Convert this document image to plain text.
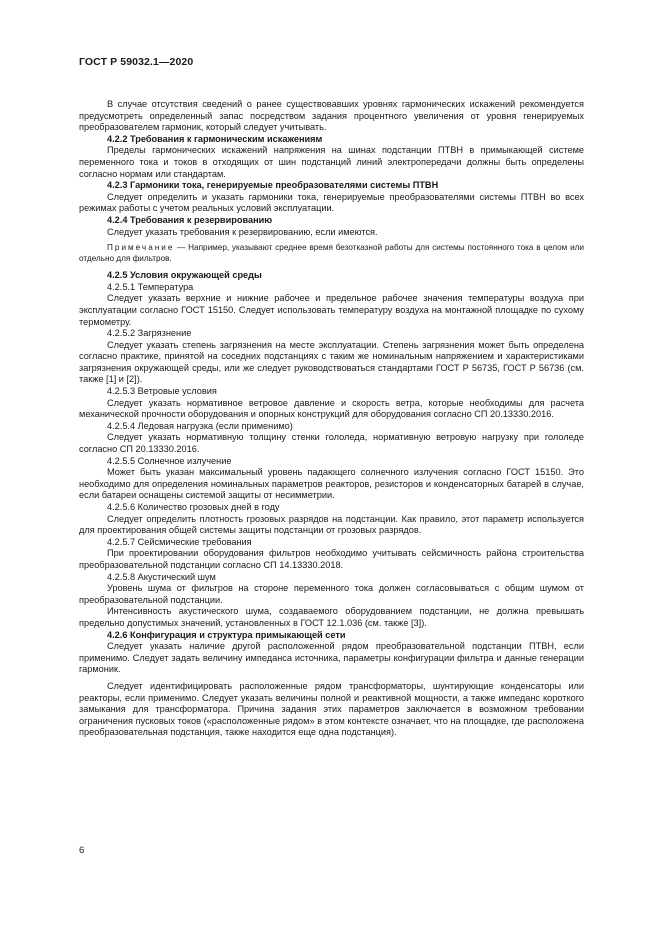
ГОСТ Р 59032.1—2020

В случае отсутствия сведений о ранее существовавших уровнях гармонических искажений рекомендуется предусмотреть определенный запас посредством задания процентного увеличения от уровня генерируемых преобразователем гармоник, который следует учитывать.

4.2.2 Требования к гармоническим искажениям

Пределы гармонических искажений напряжения на шинах подстанции ПТВН в примыкающей системе переменного тока и токов в отходящих от шин подстанций линий электропередачи должны быть определены согласно нормам или стандартам.

4.2.3 Гармоники тока, генерируемые преобразователями системы ПТВН

Следует определить и указать гармоники тока, генерируемые преобразователями системы ПТВН во всех режимах работы с учетом реальных условий эксплуатации.

4.2.4 Требования к резервированию

Следует указать требования к резервированию, если имеются.

Примечание — Например, указывают среднее время безотказной работы для системы постоянного тока в целом или отдельно для фильтров.

4.2.5 Условия окружающей среды

4.2.5.1 Температура

Следует указать верхние и нижние рабочее и предельное рабочее значения температуры воздуха при эксплуатации согласно ГОСТ 15150. Следует использовать температуру воздуха на монтажной площадке по сухому термометру.

4.2.5.2 Загрязнение

Следует указать степень загрязнения на месте эксплуатации. Степень загрязнения может быть определена согласно практике, принятой на соседних подстанциях с таким же номинальным напряжением и характеристиками загрязнения окружающей среды, или же следует руководствоваться стандартами ГОСТ Р 56735, ГОСТ Р 56736 (см. также [1] и [2]).

4.2.5.3 Ветровые условия

Следует указать нормативное ветровое давление и скорость ветра, которые необходимы для расчета механической прочности оборудования и опорных конструкций для оборудования согласно СП 20.13330.2016.

4.2.5.4 Ледовая нагрузка (если применимо)

Следует указать нормативную толщину стенки гололеда, нормативную ветровую нагрузку при гололеде согласно СП 20.13330.2016.

4.2.5.5 Солнечное излучение

Может быть указан максимальный уровень падающего солнечного излучения согласно ГОСТ 15150. Это необходимо для определения номинальных параметров реакторов, резисторов и конденсаторных батарей в случае, если батареи оснащены системой защиты от несимметрии.

4.2.5.6 Количество грозовых дней в году

Следует определить плотность грозовых разрядов на подстанции. Как правило, этот параметр используется для проектирования общей системы защиты подстанции от грозовых разрядов.

4.2.5.7 Сейсмические требования

При проектировании оборудования фильтров необходимо учитывать сейсмичность района строительства преобразовательной подстанции согласно СП 14.13330.2018.

4.2.5.8 Акустический шум

Уровень шума от фильтров на стороне переменного тока должен согласовываться с общим шумом от преобразовательной подстанции.

Интенсивность акустического шума, создаваемого оборудованием подстанции, не должна превышать предельно допустимых значений, установленных в ГОСТ 12.1.036 (см. также [3]).

4.2.6 Конфигурация и структура примыкающей сети

Следует указать наличие другой расположенной рядом преобразовательной подстанции ПТВН, если применимо. Следует задать величину импеданса источника, параметры конфигурации фильтра и данные генерации гармоник.

Следует идентифицировать расположенные рядом трансформаторы, шунтирующие конденсаторы или реакторы, если применимо. Следует указать величины полной и реактивной мощности, а также импеданс короткого замыкания для трансформатора. Причина задания этих параметров заключается в возможном требовании ограничения пусковых токов («расположенные рядом» в этом контексте означает, что на площадке, где расположена преобразовательная подстанция, также находится еще одна подстанция).

6
